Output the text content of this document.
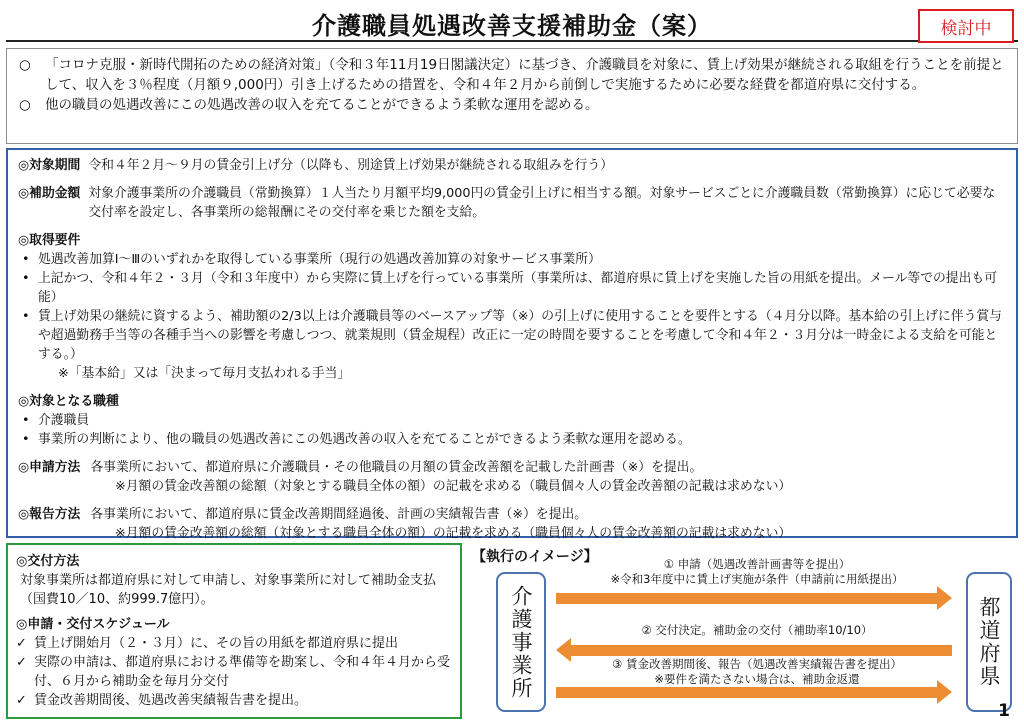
介護職員処遇改善支援補助金（案）	検討中
○	「コロナ克服・新時代開拓のための経済対策」（令和３年11月19日閣議決定）に基づき、介護職員を対象に、賃上げ効果が継続される取組を行うことを前提として、収入を３％程度（月額９,000円）引き上げるための措置を、令和４年２月から前倒しで実施するために必要な経費を都道府県に交付する。
○	他の職員の処遇改善にこの処遇改善の収入を充てることができるよう柔軟な運用を認める。
◎対象期間 令和４年２月～９月の賃金引上げ分（以降も、別途賃上げ効果が継続される取組みを行う）
◎補助金額 対象介護事業所の介護職員（常勤換算）１人当たり月額平均9,000円の賃金引上げに相当する額。対象サービスごとに介護職員数（常勤換算）に応じて必要な交付率を設定し、各事業所の総報酬にその交付率を乗じた額を支給。
◎取得要件
• 処遇改善加算Ⅰ～Ⅲのいずれかを取得している事業所（現行の処遇改善加算の対象サービス事業所）
• 上記かつ、令和４年２・３月（令和３年度中）から実際に賃上げを行っている事業所（事業所は、都道府県に賃上げを実施した旨の用紙を提出。メール等での提出も可能）
• 賃上げ効果の継続に資するよう、補助額の2/3以上は介護職員等のベースアップ等（※）の引上げに使用することを要件とする（４月分以降。基本給の引上げに伴う賞与や超過勤務手当等の各種手当への影響を考慮しつつ、就業規則（賃金規程）改正に一定の時間を要することを考慮して令和４年２・３月分は一時金による支給を可能とする。）
※「基本給」又は「決まって毎月支払われる手当」
◎対象となる職種
• 介護職員
• 事業所の判断により、他の職員の処遇改善にこの処遇改善の収入を充てることができるよう柔軟な運用を認める。
◎申請方法 各事業所において、都道府県に介護職員・その他職員の月額の賃金改善額を記載した計画書（※）を提出。
※月額の賃金改善額の総額（対象とする職員全体の額）の記載を求める（職員個々人の賃金改善額の記載は求めない）
◎報告方法 各事業所において、都道府県に賃金改善期間経過後、計画の実績報告書（※）を提出。
※月額の賃金改善額の総額（対象とする職員全体の額）の記載を求める（職員個々人の賃金改善額の記載は求めない）
◎交付方法
対象事業所は都道府県に対して申請し、対象事業所に対して補助金支払（国費10／10、約999.7億円）。
◎申請・交付スケジュール
✓ 賃上げ開始月（２・３月）に、その旨の用紙を都道府県に提出
✓ 実際の申請は、都道府県における準備等を勘案し、令和４年４月から受付、６月から補助金を毎月分交付
✓ 賃金改善期間後、処遇改善実績報告書を提出。
【執行のイメージ】
介護事業所	都道府県
① 申請（処遇改善計画書等を提出）
※令和3年度中に賃上げ実施が条件（申請前に用紙提出）
② 交付決定。補助金の交付（補助率10/10）
③ 賃金改善期間後、報告（処遇改善実績報告書を提出）
※要件を満たさない場合は、補助金返還
1
